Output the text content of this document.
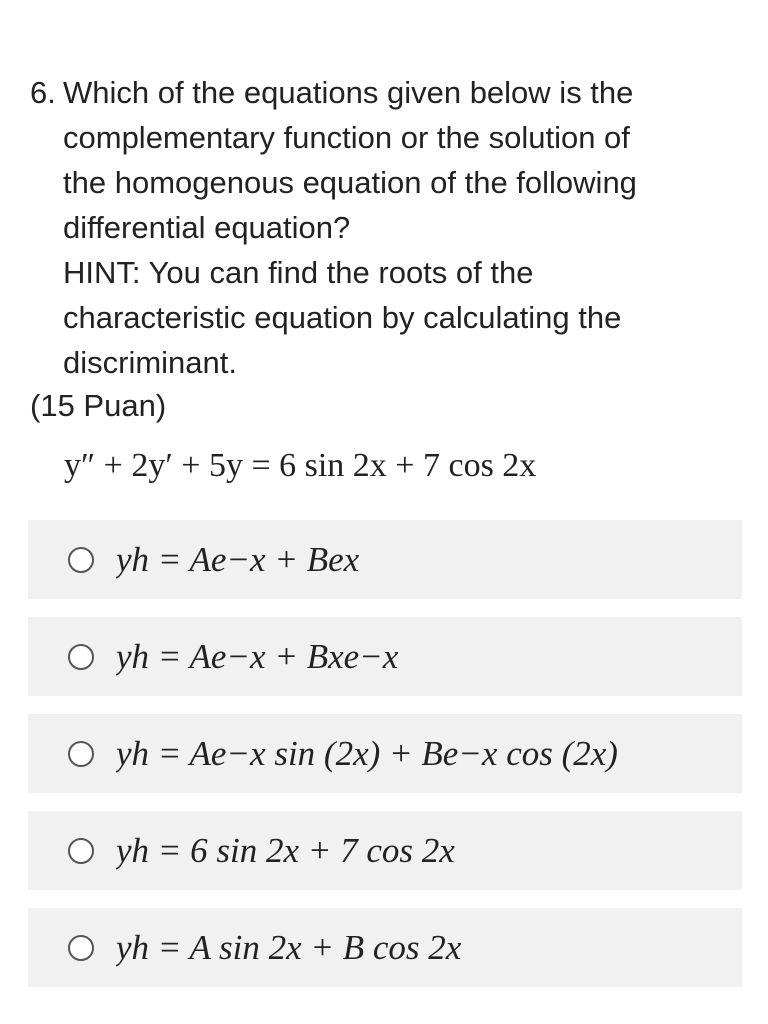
6. Which of the equations given below is the
complementary function or the solution of
the homogenous equation of the following
differential equation?
HINT: You can find the roots of the
characteristic equation by calculating the
discriminant.
(15 Puan)
y″ + 2y′ + 5y = 6 sin 2x + 7 cos 2x
yh = Ae−x + Bex
yh = Ae−x + Bxe−x
yh = Ae−x sin (2x) + Be−x cos (2x)
yh = 6 sin 2x + 7 cos 2x
yh = A sin 2x + B cos 2x
